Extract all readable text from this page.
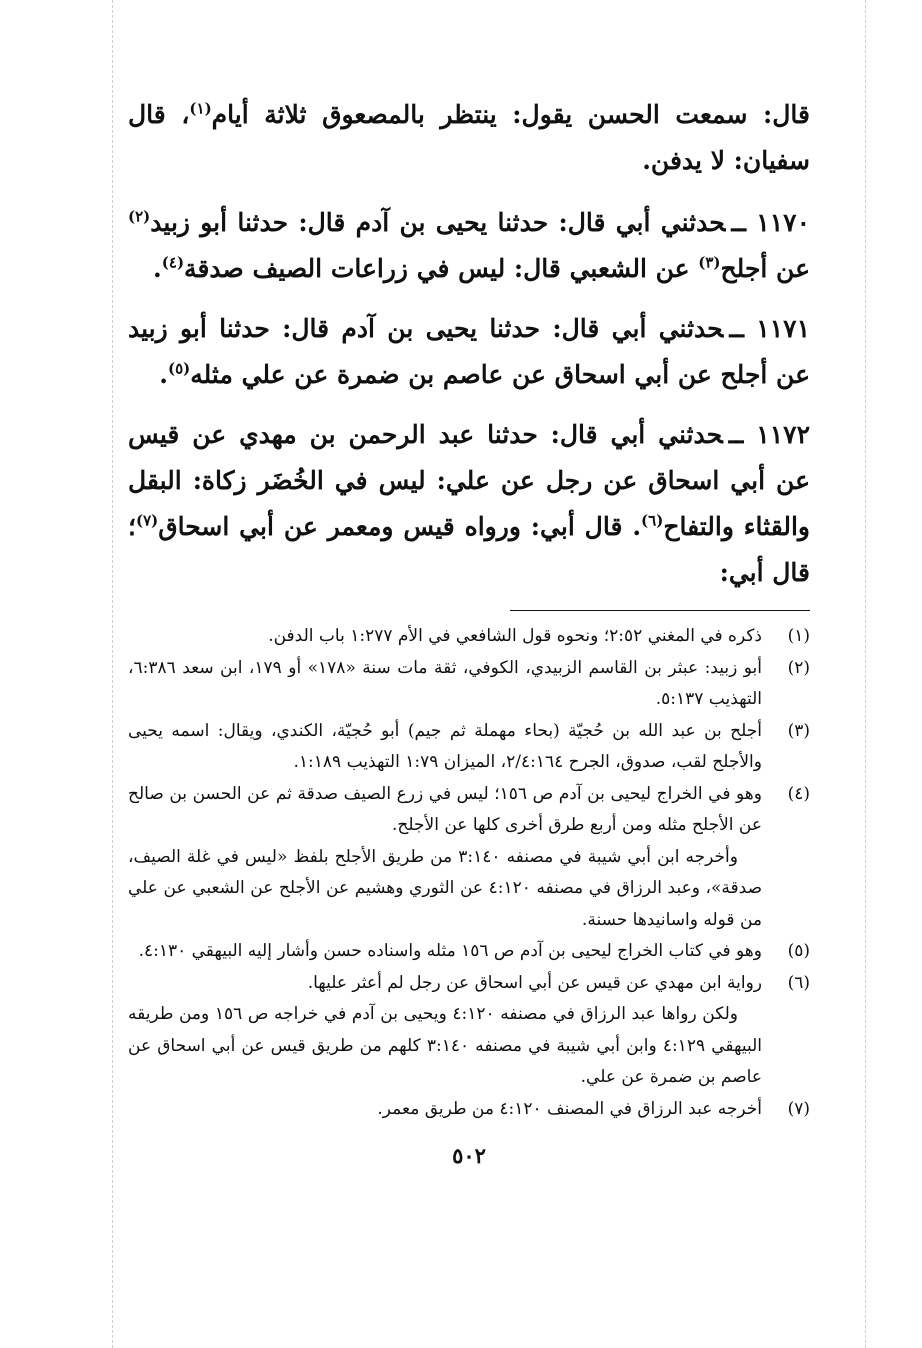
قال: سمعت الحسن يقول: ينتظر بالمصعوق ثلاثة أيام$^{(١)}$، قال سفيان: لا يدفن.

١١٧٠ ــحدثني أبي قال: حدثنا يحيى بن آدم قال: حدثنا أبو زبيد$^{(٢)}$ عن أجلح$^{(٣)}$ عن الشعبي قال: ليس في زراعات الصيف صدقة$^{(٤)}$.

١١٧١ ــحدثني أبي قال: حدثنا يحيى بن آدم قال: حدثنا أبو زبيد عن أجلح عن أبي اسحاق عن عاصم بن ضمرة عن علي مثله$^{(٥)}$.

١١٧٢ ــحدثني أبي قال: حدثنا عبد الرحمن بن مهدي عن قيس عن أبي اسحاق عن رجل عن علي: ليس في الخُضَر زكاة: البقل والقثاء والتفاح$^{(٦)}$. قال أبي: ورواه قيس ومعمر عن أبي اسحاق$^{(٧)}$؛ قال أبي:

(١)

ذكره في المغني ٢:٥٢؛ ونحوه قول الشافعي في الأم ١:٢٧٧ باب الدفن.

(٢)

أبو زبيد: عبثر بن القاسم الزبيدي، الكوفي، ثقة مات سنة «١٧٨» أو ١٧٩، ابن سعد ٦:٣٨٦، التهذيب ٥:١٣٧.

(٣)

أجلح بن عبد الله بن حُجيّة (بحاء مهملة ثم جيم) أبو حُجيّة، الكندي، ويقال: اسمه يحيى والأجلح لقب، صدوق، الجرح ٢/٤:١٦٤، الميزان ١:٧٩ التهذيب ١:١٨٩.

(٤)

وهو في الخراج ليحيى بن آدم ص ١٥٦؛ ليس في زرع الصيف صدقة ثم عن الحسن بن صالح عن الأجلح مثله ومن أربع طرق أخرى كلها عن الأجلح.

وأخرجه ابن أبي شيبة في مصنفه ٣:١٤٠ من طريق الأجلح بلفظ «ليس في غلة الصيف، صدقة»، وعبد الرزاق في مصنفه ٤:١٢٠ عن الثوري وهشيم عن الأجلح عن الشعبي عن علي من قوله واسانيدها حسنة.

(٥)

وهو في كتاب الخراج ليحيى بن آدم ص ١٥٦ مثله واسناده حسن وأشار إليه البيهقي ٤:١٣٠.

(٦)

رواية ابن مهدي عن قيس عن أبي اسحاق عن رجل لم أعثر عليها.

ولكن رواها عبد الرزاق في مصنفه ٤:١٢٠ ويحيى بن آدم في خراجه ص ١٥٦ ومن طريقه البيهقي ٤:١٢٩ وابن أبي شيبة في مصنفه ٣:١٤٠ كلهم من طريق قيس عن أبي اسحاق عن عاصم بن ضمرة عن علي.

(٧)

أخرجه عبد الرزاق في المصنف ٤:١٢٠ من طريق معمر.

٥٠٢
